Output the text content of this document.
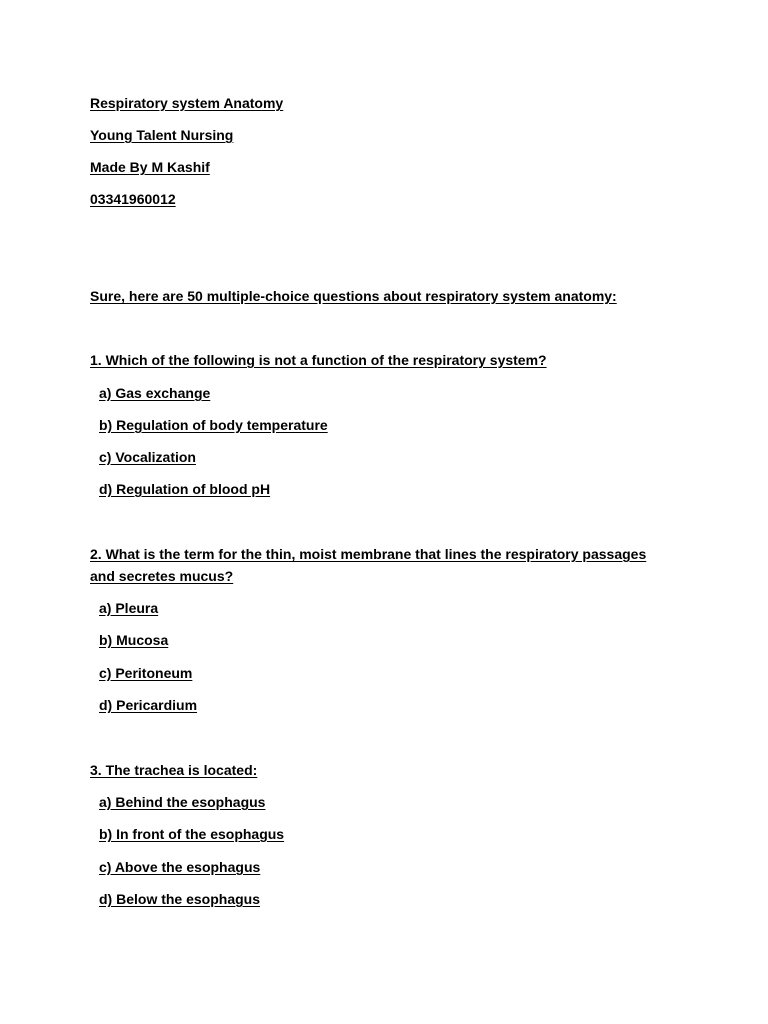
Respiratory system Anatomy
Young Talent Nursing
Made By M Kashif
03341960012
Sure, here are 50 multiple-choice questions about respiratory system anatomy:
1. Which of the following is not a function of the respiratory system?
a) Gas exchange
b) Regulation of body temperature
c) Vocalization
d) Regulation of blood pH
2. What is the term for the thin, moist membrane that lines the respiratory passages and secretes mucus?
a) Pleura
b) Mucosa
c) Peritoneum
d) Pericardium
3. The trachea is located:
a) Behind the esophagus
b) In front of the esophagus
c) Above the esophagus
d) Below the esophagus
